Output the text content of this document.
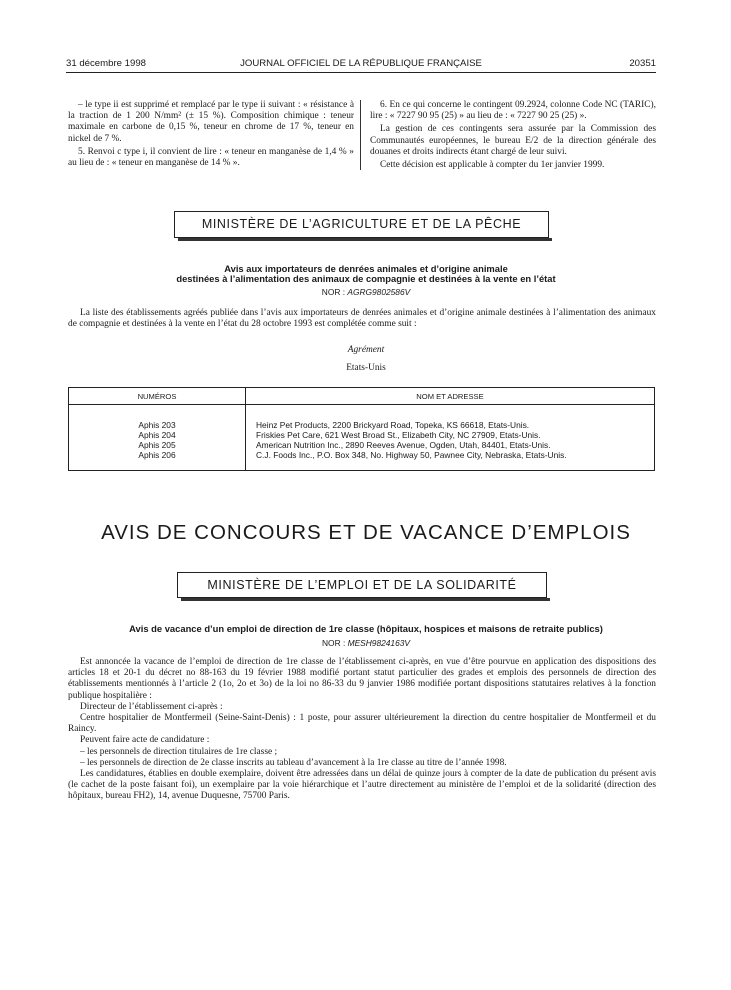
31 décembre 1998	JOURNAL OFFICIEL DE LA RÉPUBLIQUE FRANÇAISE	20351

– le type ii est supprimé et remplacé par le type ii suivant : « résistance à la traction de 1 200 N/mm² (± 15 %). Composition chimique : teneur maximale en carbone de 0,15 %, teneur en chrome de 17 %, teneur en nickel de 7 %.

5. Renvoi c type i, il convient de lire : « teneur en manganèse de 1,4 % » au lieu de : « teneur en manganèse de 14 % ».

6. En ce qui concerne le contingent 09.2924, colonne Code NC (TARIC), lire : « 7227 90 95 (25) » au lieu de : « 7227 90 25 (25) ».

La gestion de ces contingents sera assurée par la Commission des Communautés européennes, le bureau E/2 de la direction générale des douanes et droits indirects étant chargé de leur suivi.

Cette décision est applicable à compter du 1er janvier 1999.

MINISTÈRE DE L’AGRICULTURE ET DE LA PÊCHE
Avis aux importateurs de denrées animales et d’origine animale
destinées à l’alimentation des animaux de compagnie et destinées à la vente en l’état
NOR : AGRG9802586V
La liste des établissements agréés publiée dans l’avis aux importateurs de denrées animales et d’origine animale destinées à l’alimentation des animaux de compagnie et destinées à la vente en l’état du 28 octobre 1993 est complétée comme suit :
Agrément
Etats-Unis
NUMÉROS	NOM ET ADRESSE
Aphis 203	Heinz Pet Products, 2200 Brickyard Road, Topeka, KS 66618, Etats-Unis.
Aphis 204	Friskies Pet Care, 621 West Broad St., Elizabeth City, NC 27909, Etats-Unis.
Aphis 205	American Nutrition Inc., 2890 Reeves Avenue, Ogden, Utah, 84401, Etats-Unis.
Aphis 206	C.J. Foods Inc., P.O. Box 348, No. Highway 50, Pawnee City, Nebraska, Etats-Unis.
AVIS DE CONCOURS ET DE VACANCE D’EMPLOIS
MINISTÈRE DE L’EMPLOI ET DE LA SOLIDARITÉ
Avis de vacance d’un emploi de direction de 1re classe (hôpitaux, hospices et maisons de retraite publics)
NOR : MESH9824163V

Est annoncée la vacance de l’emploi de direction de 1re classe de l’établissement ci-après, en vue d’être pourvue en application des dispositions des articles 18 et 20-1 du décret no 88-163 du 19 février 1988 modifié portant statut particulier des grades et emplois des personnels de direction des établissements mentionnés à l’article 2 (1o, 2o et 3o) de la loi no 86-33 du 9 janvier 1986 modifiée portant dispositions statutaires relatives à la fonction publique hospitalière :

Directeur de l’établissement ci-après :

Centre hospitalier de Montfermeil (Seine-Saint-Denis) : 1 poste, pour assurer ultérieurement la direction du centre hospitalier de Montfermeil et du Raincy.

Peuvent faire acte de candidature :

– les personnels de direction titulaires de 1re classe ;

– les personnels de direction de 2e classe inscrits au tableau d’avancement à la 1re classe au titre de l’année 1998.

Les candidatures, établies en double exemplaire, doivent être adressées dans un délai de quinze jours à compter de la date de publication du présent avis (le cachet de la poste faisant foi), un exemplaire par la voie hiérarchique et l’autre directement au ministère de l’emploi et de la solidarité (direction des hôpitaux, bureau FH2), 14, avenue Duquesne, 75700 Paris.
